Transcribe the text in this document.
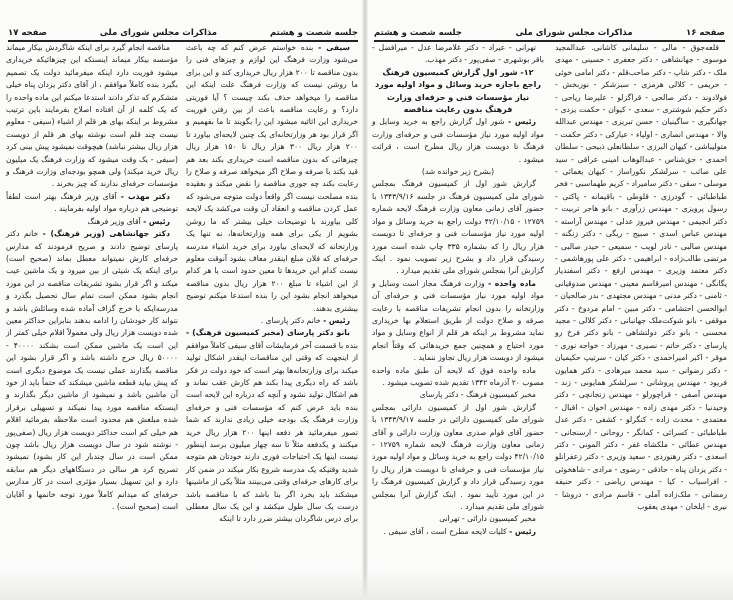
جلسه شصت و هشتم
مذاکرات مجلس شورای ملی
صفحه ۱۷

سیفی - بنده خواستم عرض کنم که چه باعث می‌شود وزارت فرهنگ این لوازم و چیزهای فنی را بدون مناقصه تا ۲۰۰ هزار ریال خریداری کند و این برای ما روشن نیست که وزارت فرهنگ علت اینکه این مناقصه را میخواهد حذف بکند چیست ؟ آیا فوریتی دارد؟ و رعایت مناقصه باعث از بین رفتن فوریت خریداری این اثاثیه میشود این را بگویند تا ما بفهمیم و اگر قرار بود هر وزارتخانه‌ای یک چنین لایحه‌ای بیاورد تا ۲۰۰ هزار ریال ۳۰۰ هزار ریال تا ۱۵۰ هزار ریال چیزهائی که بدون مناقصه است خریداری بکند بعد هم قید بکند با صرفه و صلاح اگر میخواهد صرفه و صلاح را رعایت بکند چه جوری مناقصه را نقض میکند و بعقیده بنده مصلحت نیست اگر واقعاً دولت متوجه می‌شود که عمل کردن مناقصه و انعقاد آن وقت می‌کشد یک لایحه کلی بیاورند با توضیحات خیلی بیشتر که ما روشن بشویم از یکی برای همه وزارتخانه‌ها، نه تنها یک وزارتخانه که لایحه‌ای بیاورد برای خرید اشیاء مدرسه حرفه‌ای که فلان مبلغ اینقدر معاف بشود آنوقت معلوم نیست کدام این خریدها تا معین حدود است یا هر کدام از این اشیاء تا مبلغ ۲۰۰ هزار ریال بدون مناقصه میخواهد انجام بشود این را بنده استدعا میکنم توضیح بیشتری بدهند.

رئیس - خانم دکتر پارسای .

بانو دکتر پارسای (مخبر کمیسیون فرهنگ) - بنده با قسمت آخر فرمایشات آقای سیفی کاملاً موافقم از اینجهت که وقتی این مناقصات اینقدر اشکال تولید میکند برای وزارتخانه‌ها بهتر است که خود دولت در فکر باشد که راه دیگری پیدا بکند هم کارش عقب نماند و هم اشکال تولید نشود و آنچه که درباره این لایحه است بنده باید عرض کنم که مؤسسات فنی و حرفه‌ای وزارت فرهنگ یک بودجه خیلی زیادی ندارند که شما تصور میفرمائید هر دفعه اینها ۲۰۰ هزار ریال خرید میکنند و یکدفعه مثلاً تا سه چهار میلیون برسد اینطور نیست اینها یک احتیاجات فوری دارند خودتان هم متوجه شدید وقتیکه یک مدرسه شروع بکار میکند در ضمن کار برای کارهای حرفه‌ای وقتی می‌بینند مثلاً یکی از ماشینها میشکند باید بخرد اگر بنا باشد که با مناقصه باشد درست یک سال طول میکشد و این یک سال معطلی برای درس شاگردان بیشتر ضرر دارد تا اینکه

مناقصه انجام گیرد برای اینکه شاگردش بیکار میماند مؤسسه بیکار میماند اینستکه این چیزهائیکه خریداری میشود فوریت دارد اینکه میفرمائید دولت یک تصمیم بگیرد بنده کاملاً موافقم ، از آقای دکتر یزدان پناه خیلی متشکرم که تذکر دادند استدعا میکنم این ماده واحده را که یک کلمه از آن افتاده اصلاح بفرمایند باین ترتیب مشروط بر اینکه بهای هر قلم از اشیاء (سیفی - معلوم نیست چند قلم است نوشته بهای هر قلم از دویست هزار ریال بیشتر نباشد) هیچوقت نمیشود پیش بینی کرد (سیفی - یک وقت میشود که وزارت فرهنگ یک میلیون ریال خرید میکند) ولی همچو بودجه‌ای وزارت فرهنگ و مؤسسات حرفه‌ای ندارند که چیز بخرند .

دکتر مهذب - آقای وزیر فرهنگ بهتر است لطفاً توضیحی هم درباره مواد اولیه بفرمایند .

رئیس - آقای وزیر فرهنگ

دکتر جهانشاهی (وزیر فرهنگ) - خانم دکتر پارسای توضیح دادند و صریح فرمودند که مدارس حرفه‌ای کارش نمیتواند معطل بماند (صحیح است) برای اینکه یک شیئی از بین میرود و یک ماشین عیب میکند و اگر قرار بشود تشریفات مناقصه در این مورد انجام بشود ممکن است تمام سال تحصیل بگذرد و مدرسه‌ایکه با خرج گزاف آماده شده وسائلش باشد و نتواند کار خودشان را ادامه بدهند بنابراین حداکثر معین شده دویست هزار ریال ولی معمولاً اقلام خیلی کمتر از این است یک ماشین ممکن است بشکند ۴۰۰۰۰ - ۵۰۰۰۰ ریال خرج داشته باشد و اگر قرار بشود این مناقصه بگذارند عملی نیست یک موضوع دیگری است که پیش بیاید قطعه ماشین میشکند که حتماً باید از خود آن ماشین باشد و نمیشود از ماشین دیگر بگذارند و اینستکه مناقصه مورد پیدا نمیکند و تسهیلی برقرار شده مبلغش هم محدود است ملاحظه بفرمائید اقلام هم خیلی کم است حداکثر دویست هزار ریال (صفی‌پور - نوشته شود در سال دویست هزار ریال باشد چون ممکن است در سال چندبار این کار بشود) نمیشود تصریح کرد هر سالی در دستگاههای دیگر هم سابقه دارد و این تسهیل بسیار مؤثری است در کار مدارس حرفه‌ای که میدانم کاملاً مورد توجه خانمها و آقایان است (صحیح است) .

صفحه ۱۶
مذاکرات مجلس شورای ملی
جلسه شصت و هشتم

قلعه‌جوق - مالی - سلیمانی کاشانی. عبدالمجید موسوی - جهانشاهی - دکتر جعفری - حسینی - مهدی ملک - دکتر شاپ - دکتر صاحب‌قلم - دکتر امامی خوئی - حریمی - کلالی هرمزی - سبزشکر - نوربخش - فولادوند - دکتر صالحی - قراگزلو - علیرضا ریاحی - دکتر حکیم شوشتری - سعدی - کیوان - حکمت یزدی - جهانگیری - ساگینیان - حسن تبریزی - مهندس عبدالله والا - مهندس انصاری - اولیاء - عیارکی - دکتر حکمت - متولیباشی - کیهان البرزی - سلطانعلی ذبیحی - سلطان احمدی - حق‌شناس - عبدالوهاب امینی عراقی - سید علی صائب - سرلشکر نکوراساز - کیهان یغمائی - موسلی - سقی - دکتر سامیراد - کریم طهماسبی - فخر طباطبائی - گودرزی - قلوطی - باقیمانه - پاکتی - رسول پرویزی - مهندس زرآوری - بانو هاجر تربیت - دکتر انجیمی - مهندس فیروز عدلی - مهندس آراسته - مهندس عباس اسدی - صبیح - ریگی - دکتر زنگنه - مهندس صالبی - نادر لویب - سمیعی - حیدر صالبی - مرتضی طالب‌زاده - ابراهیمی - دکتر علی پورهاشمی - دکتر معتمد وزیری - مهندس ارفع - دکتر اسفندیار یگانگی - مهندس امیرقاسم معینی - مهندس صدوقیانی - ثامنی - دکتر مدنی - مهندس مجتهدی - بدر صالحیان - ابوالحسن احتشامی - دکتر مبین - امام مردوخ - دکتر موقفی - بانو شوکت‌ملک جهانبانی - دکتر کلالی - مجید محسنی - بانو دکتر دولتشاهی - بانو دکتر فرخ رو پارسای - دکتر حاتم - نصیری - مهرزاد - خواجه نوری - موقر - اکبر امیراحمدی - دکتر کیان - سرتیپ حکیمیان - دکتر رضوانی - سید محمد میرهادی - دکتر همایون فریود - مهندس پروشانی - سرلشکر همایونی - زند - مهندس آصفی - قراچورلو - مهندس زنجانچی - دکتر وحیدنیا - دکتر مهدی زاده - مهندس اخوان - اقبال - معتمدی - محدث زاده - کنگرلو - کشفی - دکتر عدل طباطبائی - کسرائی - کمانگر - روحانی - ارسنجانی - مهندس عطائی - ملکشاه غفر - دکتر المونی - دکتر اسعدی - دکتر رهنوردی - سعید وزیری - دکتر زعفرانلو - دکتر یزدان پناه - حاذقی - رضوی - مرادی - شاهخوئی - افراسیاب - کیا - مهندس ریاضی - دکتر حنیفه رمضانی - ملک‌زاده آملی - قاسم مرادی - دروشا - نیری - ایلخان - مهدی یعقوب

تهرانی - عیراد - دکتر غلامرضا عدل - میرافضل - باقر بوشهری - صفی‌پور - دکتر مهذب.

۱۲- شور اول گزارش کمیسیون فرهنگ راجع باجازه خرید وسائل و مواد اولیه مورد نیاز مؤسسات فنی و حرفه‌ای وزارت فرهنگ بدون رعایت مناقصه

رئیس - شور اول گزارش راجع به خرید وسایل و مواد اولیه مورد نیاز مؤسسات فنی و حرفه‌ای وزارت فرهنگ تا دویست هزار ریال مطرح است ، قرائت میشود .

(بشرح زیر خوانده شد)

گزارش شور اول از کمیسیون فرهنگ بمجلس شورای ملی کمیسیون فرهنگ در جلسه ۱۳۴۳/۹/۱۶ با حضور آقای زمانی معاون وزارت فرهنگ لایحه شماره ۱۲۷۵۹ - ۴۲/۱۰/۱۵ دولت راجع به خرید وسائل و مواد اولیه مورد نیاز مؤسسات فنی و حرفه‌ای تا دویست هزار ریال را که بشماره ۳۳۵ چاپ شده است مورد رسیدگی قرار داد و بشرح زیر تصویب نمود . اینک گزارش آنرا بمجلس شورای ملی تقدیم میدارد .

ماده واحده - وزارت فرهنگ مجاز است وسایل و مواد اولیه مورد نیاز مؤسسات فنی و حرفه‌ای آن وزارتخانه را بدون انجام تشریفات مناقصه با رعایت صرفه و صلاح دولت از طریق استعلام بها خریداری نماید مشروط بر اینکه هر قلم از انواع وسایل و مواد مورد احتیاج و همچنین جمع خریدهائی که وقتاً انجام میشود از دویست هزار ریال تجاوز ننماید .

ماده واحده فوق که لایحه آن طبق ماده واحده مصوب ۲۰ آذرماه ۱۳۴۲ تقدیم شده تصویب میشود .

مخبر کمیسیون فرهنگ - دکتر پارسای

گزارش شور اول از کمیسیون دارائی بمجلس شورای ملی کمیسیون دارائی در جلسه ۱۳۴۳/۹/۱۷ با حضور آقای قوام صدری معاون وزارت دارائی و آقای زمانی معاون وزارت فرهنگ لایحه شماره ۱۲۷۵۹ - ۴۲/۱۰/۱۵ دولت راجع به خرید وسائل و مواد اولیه مورد نیاز مؤسسات فنی و حرفه‌ای تا دویست هزار ریال را مورد رسیدگی قرار داد و گزارش کمیسیون فرهنگ را در این مورد تأیید نمود . اینک گزارش آنرا بمجلس شورای ملی تقدیم میدارد .

مخبر کمیسیون دارائی - تهرانی

رئیس - کلیات لایحه مطرح است ، آقای سیفی .
